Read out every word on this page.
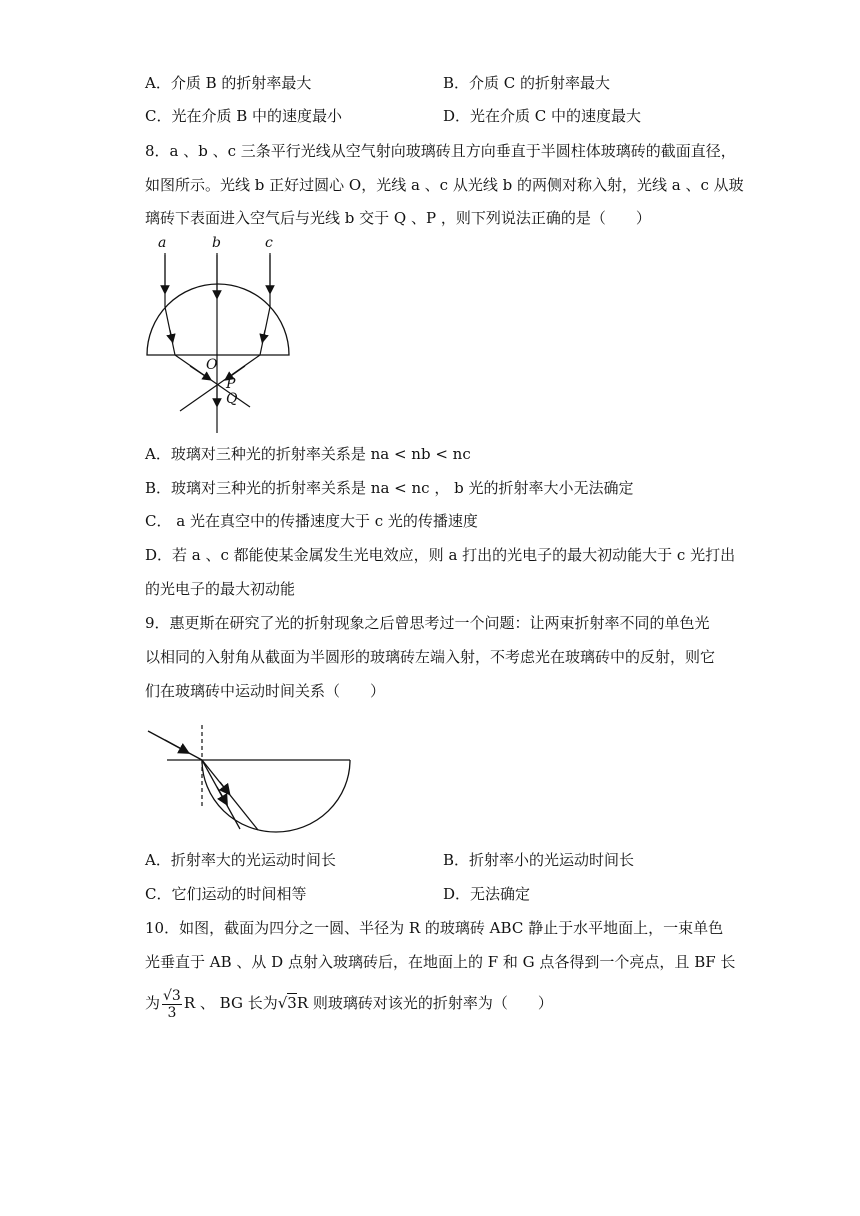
A．介质 B 的折射率最大	B．介质 C 的折射率最大
C．光在介质 B 中的速度最小	D．光在介质 C 中的速度最大
8．a 、b 、c 三条平行光线从空气射向玻璃砖且方向垂直于半圆柱体玻璃砖的截面直径，
如图所示。光线 b 正好过圆心 O，光线 a 、c 从光线 b 的两侧对称入射，光线 a 、c 从玻
璃砖下表面进入空气后与光线 b 交于 Q 、P ，则下列说法正确的是（　　）
a	b	c
O
P
Q
A．玻璃对三种光的折射率关系是 na < nb < nc
B．玻璃对三种光的折射率关系是 na < nc ， b 光的折射率大小无法确定
C． a 光在真空中的传播速度大于 c 光的传播速度
D．若 a 、c 都能使某金属发生光电效应，则 a 打出的光电子的最大初动能大于 c 光打出
的光电子的最大初动能
9．惠更斯在研究了光的折射现象之后曾思考过一个问题：让两束折射率不同的单色光
以相同的入射角从截面为半圆形的玻璃砖左端入射，不考虑光在玻璃砖中的反射，则它
们在玻璃砖中运动时间关系（　　）
A．折射率大的光运动时间长	B．折射率小的光运动时间长
C．它们运动的时间相等	D．无法确定
10．如图，截面为四分之一圆、半径为 R 的玻璃砖 ABC 静止于水平地面上，一束单色
光垂直于 AB 、从 D 点射入玻璃砖后，在地面上的 F 和 G 点各得到一个亮点，且 BF 长
为 $\frac{√3}{3}$ R 、 BG 长为√3R 则玻璃砖对该光的折射率为（　　）
